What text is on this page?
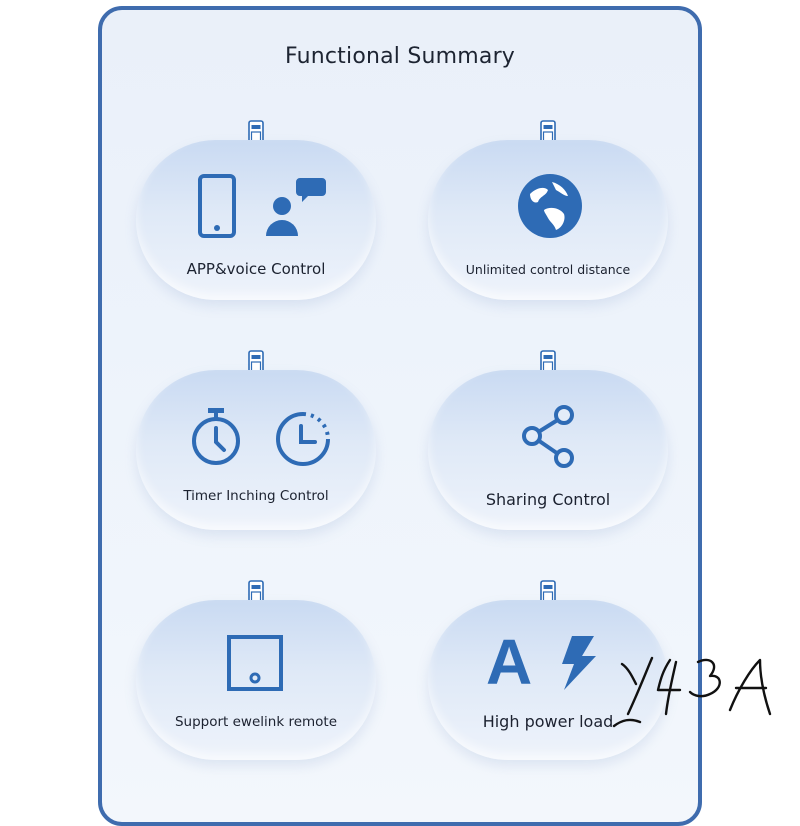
Functional Summary
APP&voice Control	Unlimited control distance
Timer Inching Control	Sharing Control
Support ewelink remote
A
High power load
